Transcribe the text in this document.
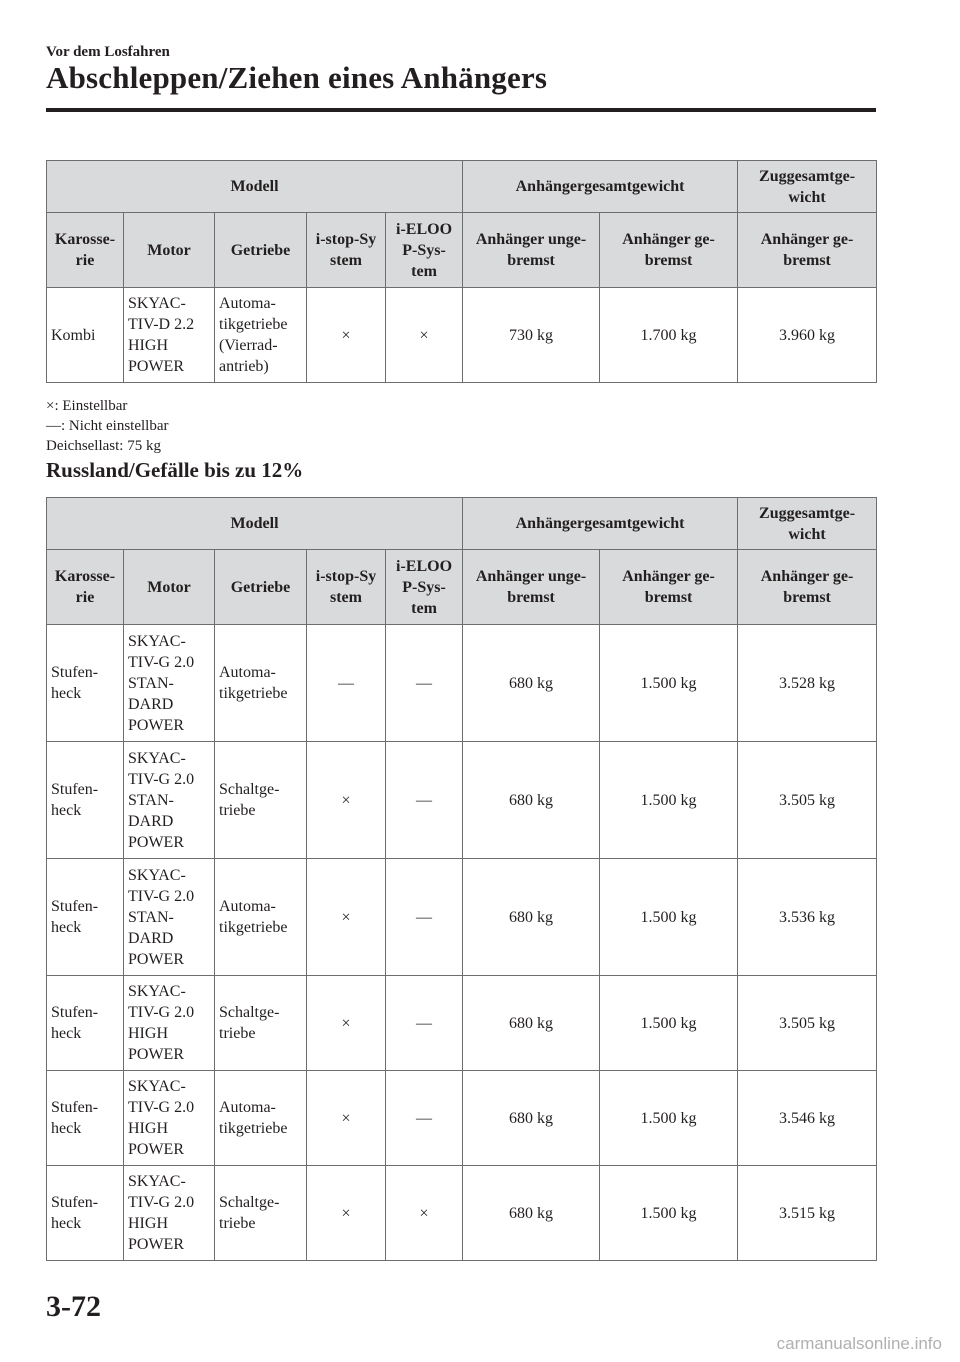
Vor dem Losfahren
Abschleppen/Ziehen eines Anhängers
Modell					Anhängergesamtgewicht		Zuggesamtge-
wicht

Karosse-
rie	Motor	Getriebe	i-stop-Sy
stem	i-ELOO
P-Sys-
tem	Anhänger unge-
bremst	Anhänger ge-
bremst	Anhänger ge-
bremst

Kombi	SKYAC-
TIV-D 2.2
HIGH
POWER	Automa-
tikgetriebe
(Vierrad-
antrieb)	×	×	730 kg	1.700 kg	3.960 kg
×: Einstellbar
—: Nicht einstellbar
Deichsellast: 75 kg
Russland/Gefälle bis zu 12%
Modell					Anhängergesamtgewicht		Zuggesamtge-
wicht

Karosse-
rie	Motor	Getriebe	i-stop-Sy
stem	i-ELOO
P-Sys-
tem	Anhänger unge-
bremst	Anhänger ge-
bremst	Anhänger ge-
bremst

Stufen-
heck	SKYAC-
TIV-G 2.0
STAN-
DARD
POWER	Automa-
tikgetriebe	—	—	680 kg	1.500 kg	3.528 kg

Stufen-
heck	SKYAC-
TIV-G 2.0
STAN-
DARD
POWER	Schaltge-
triebe	×	—	680 kg	1.500 kg	3.505 kg

Stufen-
heck	SKYAC-
TIV-G 2.0
STAN-
DARD
POWER	Automa-
tikgetriebe	×	—	680 kg	1.500 kg	3.536 kg

Stufen-
heck	SKYAC-
TIV-G 2.0
HIGH
POWER	Schaltge-
triebe	×	—	680 kg	1.500 kg	3.505 kg

Stufen-
heck	SKYAC-
TIV-G 2.0
HIGH
POWER	Automa-
tikgetriebe	×	—	680 kg	1.500 kg	3.546 kg

Stufen-
heck	SKYAC-
TIV-G 2.0
HIGH
POWER	Schaltge-
triebe	×	×	680 kg	1.500 kg	3.515 kg
3-72
carmanualsonline.info
